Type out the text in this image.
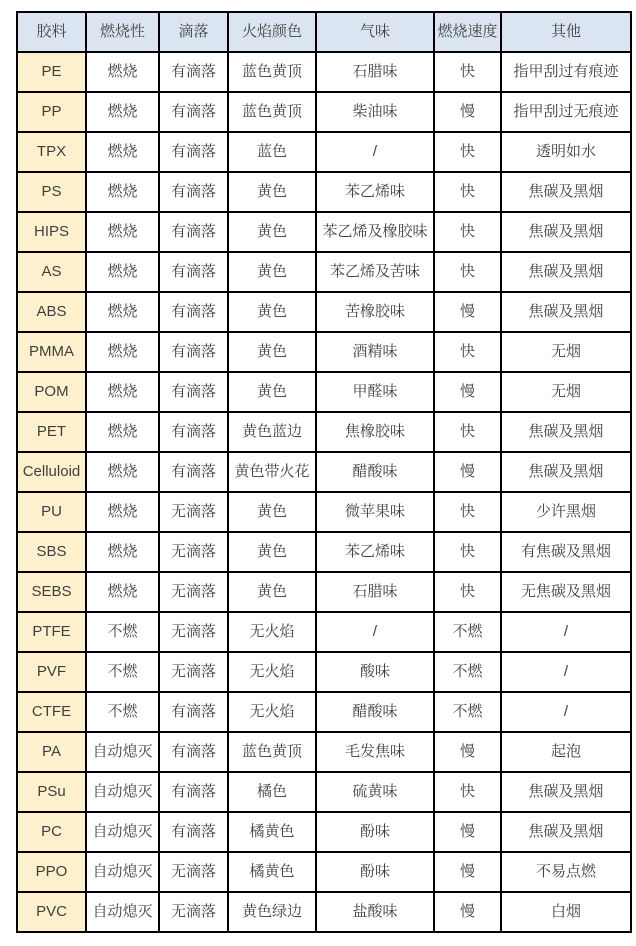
胶料	燃烧性	滴落	火焰颜色	气味	燃烧速度	其他
PE	燃烧	有滴落	蓝色黄顶	石腊味	快	指甲刮过有痕迹
PP	燃烧	有滴落	蓝色黄顶	柴油味	慢	指甲刮过无痕迹
TPX	燃烧	有滴落	蓝色	/	快	透明如水
PS	燃烧	有滴落	黄色	苯乙烯味	快	焦碳及黑烟
HIPS	燃烧	有滴落	黄色	苯乙烯及橡胶味	快	焦碳及黑烟
AS	燃烧	有滴落	黄色	苯乙烯及苦味	快	焦碳及黑烟
ABS	燃烧	有滴落	黄色	苦橡胶味	慢	焦碳及黑烟
PMMA	燃烧	有滴落	黄色	酒精味	快	无烟
POM	燃烧	有滴落	黄色	甲醛味	慢	无烟
PET	燃烧	有滴落	黄色蓝边	焦橡胶味	快	焦碳及黑烟
Celluloid	燃烧	有滴落	黄色带火花	醋酸味	慢	焦碳及黑烟
PU	燃烧	无滴落	黄色	微苹果味	快	少许黑烟
SBS	燃烧	无滴落	黄色	苯乙烯味	快	有焦碳及黑烟
SEBS	燃烧	无滴落	黄色	石腊味	快	无焦碳及黑烟
PTFE	不燃	无滴落	无火焰	/	不燃	/
PVF	不燃	无滴落	无火焰	酸味	不燃	/
CTFE	不燃	有滴落	无火焰	醋酸味	不燃	/
PA	自动熄灭	有滴落	蓝色黄顶	毛发焦味	慢	起泡
PSu	自动熄灭	有滴落	橘色	硫黄味	快	焦碳及黑烟
PC	自动熄灭	有滴落	橘黄色	酚味	慢	焦碳及黑烟
PPO	自动熄灭	无滴落	橘黄色	酚味	慢	不易点燃
PVC	自动熄灭	无滴落	黄色绿边	盐酸味	慢	白烟
